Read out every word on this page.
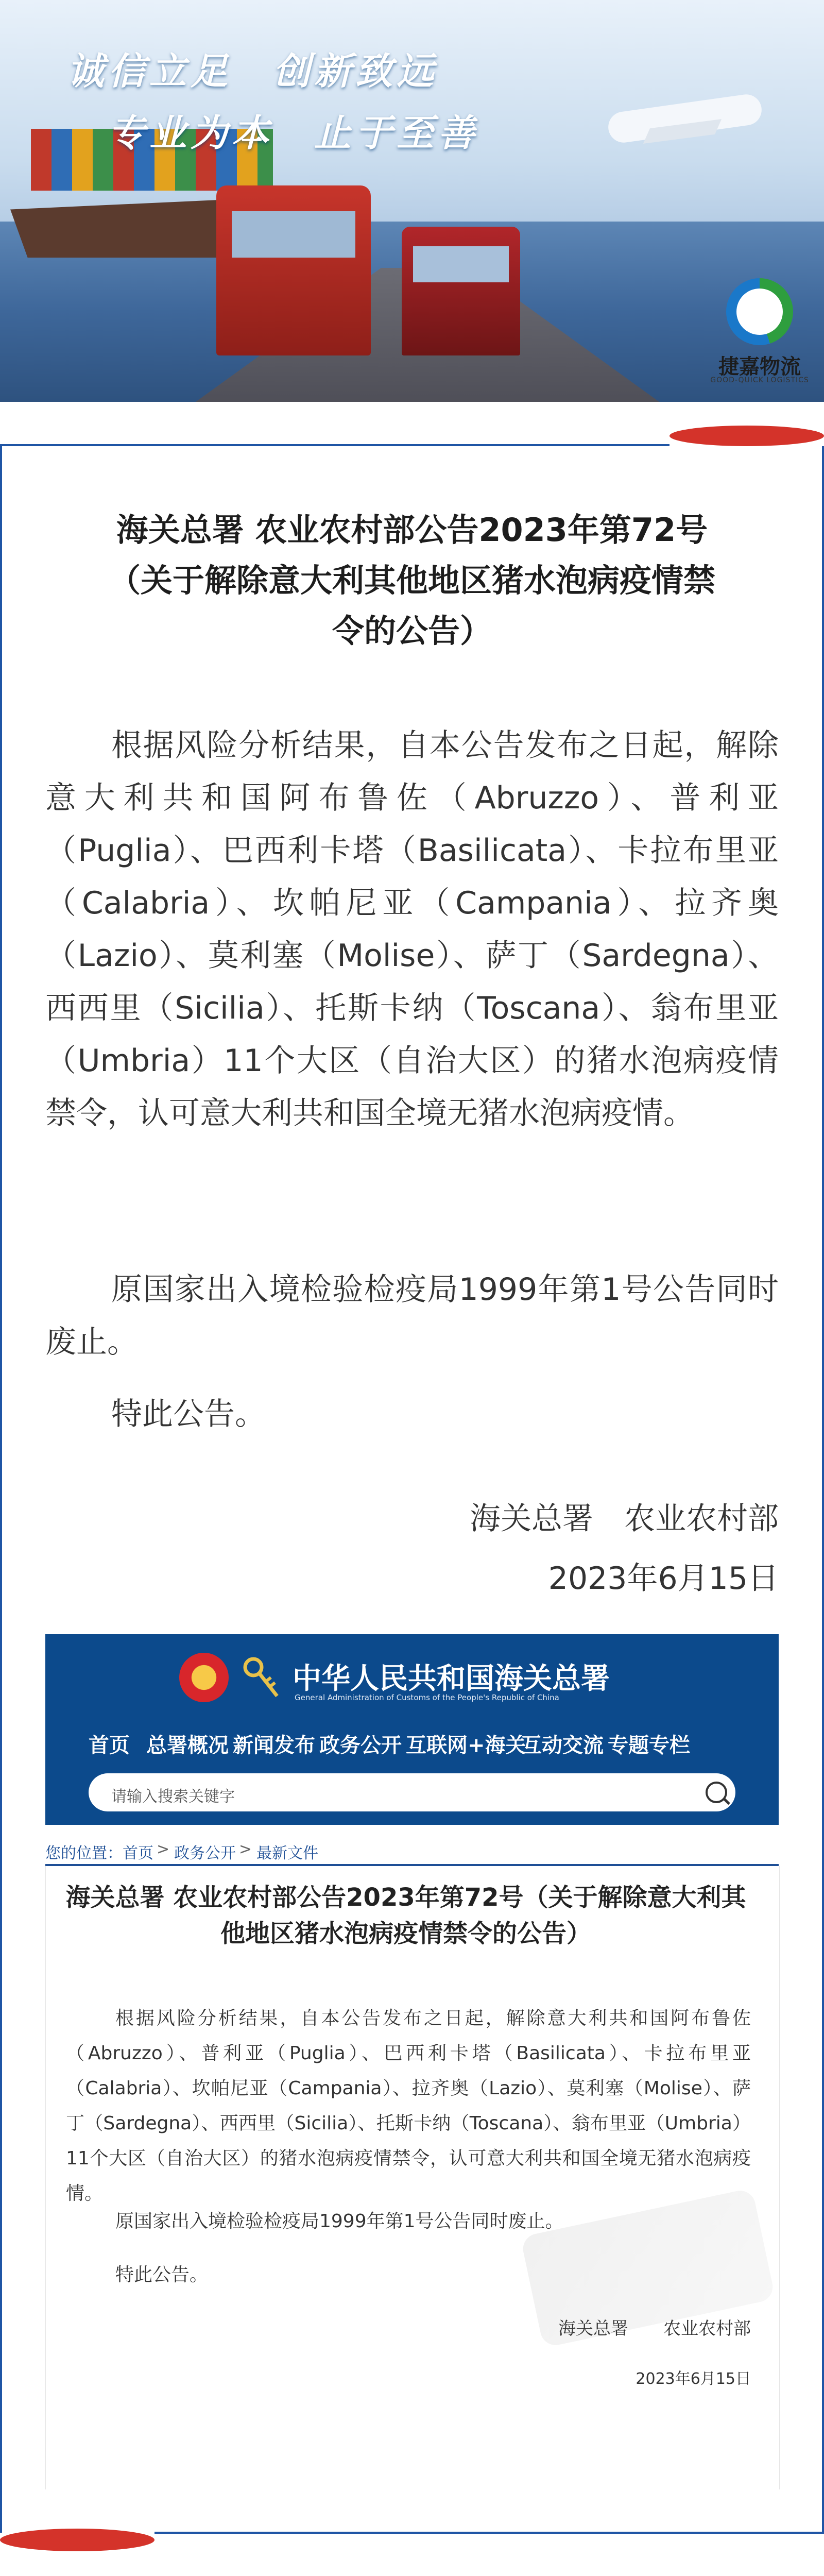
诚信立足　创新致远
专业为本　止于至善
捷嘉物流
GOOD-QUICK LOGISTICS
海关总署 农业农村部公告2023年第72号
（关于解除意大利其他地区猪水泡病疫情禁
令的公告）
根据风险分析结果，自本公告发布之日起，解除意大利共和国阿布鲁佐（Abruzzo）、普利亚（Puglia）、巴西利卡塔（Basilicata）、卡拉布里亚（Calabria）、坎帕尼亚（Campania）、拉齐奥（Lazio）、莫利塞（Molise）、萨丁（Sardegna）、西西里（Sicilia）、托斯卡纳（Toscana）、翁布里亚（Umbria）11个大区（自治大区）的猪水泡病疫情禁令，认可意大利共和国全境无猪水泡病疫情。
原国家出入境检验检疫局1999年第1号公告同时废止。
特此公告。
海关总署　农业农村部
2023年6月15日
中华人民共和国海关总署
General Administration of Customs of the People's Republic of China
首页 总署概况 新闻发布 政务公开 互联网+海关
互动交流 专题专栏
请输入搜索关键字
您的位置： 首页 > 政务公开 > 最新文件
海关总署 农业农村部公告2023年第72号（关于解除意大利其
他地区猪水泡病疫情禁令的公告）
根据风险分析结果，自本公告发布之日起，解除意大利共和国阿布鲁佐（Abruzzo）、普利亚（Puglia）、巴西利卡塔（Basilicata）、卡拉布里亚（Calabria）、坎帕尼亚（Campania）、拉齐奥（Lazio）、莫利塞（Molise）、萨丁（Sardegna）、西西里（Sicilia）、托斯卡纳（Toscana）、翁布里亚（Umbria）11个大区（自治大区）的猪水泡病疫情禁令，认可意大利共和国全境无猪水泡病疫情。
原国家出入境检验检疫局1999年第1号公告同时废止。
特此公告。
海关总署　　农业农村部
2023年6月15日
